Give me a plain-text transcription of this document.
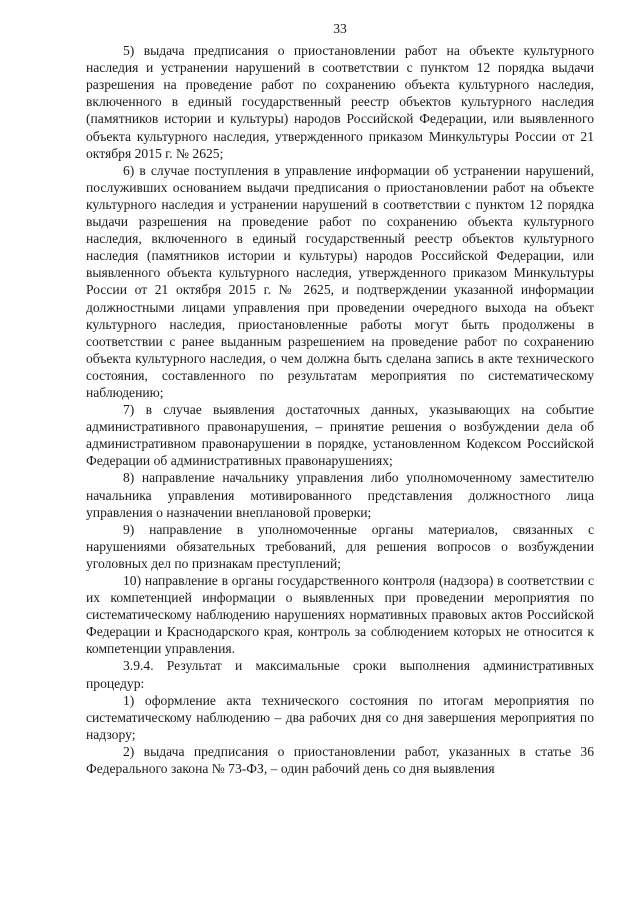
33

5) выдача предписания о приостановлении работ на объекте культурного наследия и устранении нарушений в соответствии с пунктом 12 порядка выдачи разрешения на проведение работ по сохранению объекта культурного наследия, включенного в единый государственный реестр объектов культурного наследия (памятников истории и культуры) народов Российской Федерации, или выявленного объекта культурного наследия, утвержденного приказом Минкультуры России от 21 октября 2015 г. № 2625;

6) в случае поступления в управление информации об устранении нарушений, послуживших основанием выдачи предписания о приостановлении работ на объекте культурного наследия и устранении нарушений в соответствии с пунктом 12 порядка выдачи разрешения на проведение работ по сохранению объекта культурного наследия, включенного в единый государственный реестр объектов культурного наследия (памятников истории и культуры) народов Российской Федерации, или выявленного объекта культурного наследия, утвержденного приказом Минкультуры России от 21 октября 2015 г. № 2625, и подтверждении указанной информации должностными лицами управления при проведении очередного выхода на объект культурного наследия, приостановленные работы могут быть продолжены в соответствии с ранее выданным разрешением на проведение работ по сохранению объекта культурного наследия, о чем должна быть сделана запись в акте технического состояния, составленного по результатам мероприятия по систематическому наблюдению;

7) в случае выявления достаточных данных, указывающих на событие административного правонарушения, – принятие решения о возбуждении дела об административном правонарушении в порядке, установленном Кодексом Российской Федерации об административных правонарушениях;

8) направление начальнику управления либо уполномоченному заместителю начальника управления мотивированного представления должностного лица управления о назначении внеплановой проверки;

9) направление в уполномоченные органы материалов, связанных с нарушениями обязательных требований, для решения вопросов о возбуждении уголовных дел по признакам преступлений;

10) направление в органы государственного контроля (надзора) в соответствии с их компетенцией информации о выявленных при проведении мероприятия по систематическому наблюдению нарушениях нормативных правовых актов Российской Федерации и Краснодарского края, контроль за соблюдением которых не относится к компетенции управления.

3.9.4. Результат и максимальные сроки выполнения административных процедур:

1) оформление акта технического состояния по итогам мероприятия по систематическому наблюдению – два рабочих дня со дня завершения мероприятия по надзору;

2) выдача предписания о приостановлении работ, указанных в статье 36 Федерального закона № 73-ФЗ, – один рабочий день со дня выявления
